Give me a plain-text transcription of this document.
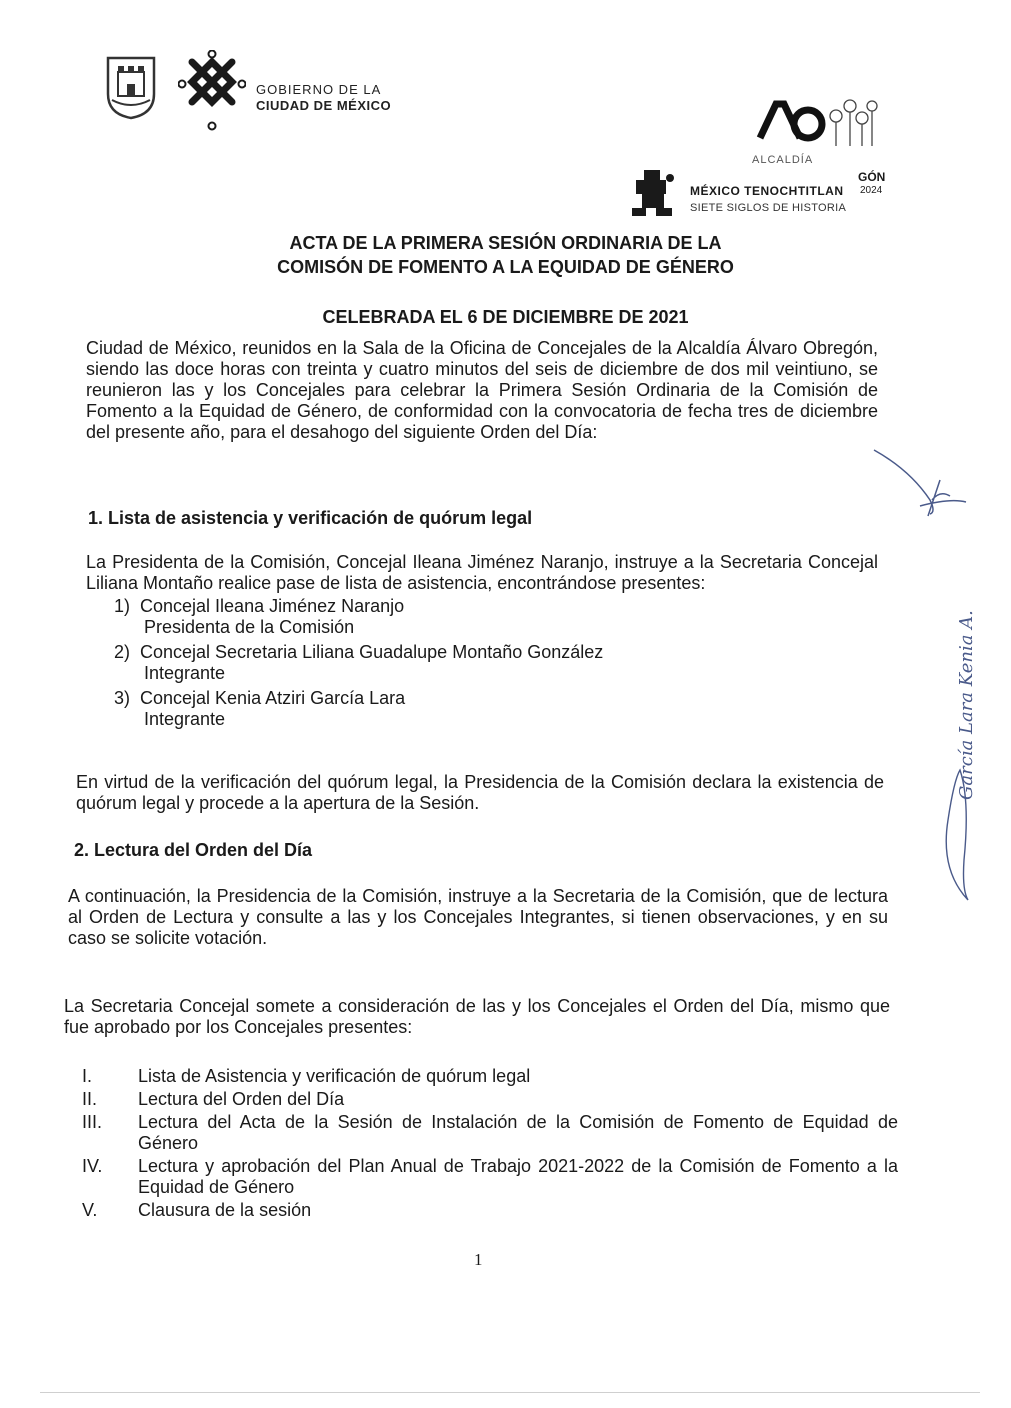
GOBIERNO DE LA
CIUDAD DE MÉXICO
ALCALDÍA
GÓN
2024
MÉXICO TENOCHTITLAN
SIETE SIGLOS DE HISTORIA
ACTA DE LA PRIMERA SESIÓN ORDINARIA DE LA
COMISÓN DE FOMENTO A LA EQUIDAD DE GÉNERO
CELEBRADA EL 6 DE DICIEMBRE DE 2021
Ciudad de México, reunidos en la Sala de la Oficina de Concejales de la Alcaldía Álvaro Obregón, siendo las doce horas con treinta y cuatro minutos del seis de diciembre de dos mil veintiuno, se reunieron las y los Concejales para celebrar la Primera Sesión Ordinaria de la Comisión de Fomento a la Equidad de Género, de conformidad con la convocatoria de fecha tres de diciembre del presente año, para el desahogo del siguiente Orden del Día:
1. Lista de asistencia y verificación de quórum legal
La Presidenta de la Comisión, Concejal Ileana Jiménez Naranjo, instruye a la Secretaria Concejal Liliana Montaño realice pase de lista de asistencia, encontrándose presentes:
1) Concejal Ileana Jiménez Naranjo
Presidenta de la Comisión
2) Concejal Secretaria Liliana Guadalupe Montaño González
Integrante
3) Concejal Kenia Atziri García Lara
Integrante
En virtud de la verificación del quórum legal, la Presidencia de la Comisión declara la existencia de quórum legal y procede a la apertura de la Sesión.
2. Lectura del Orden del Día
A continuación, la Presidencia de la Comisión, instruye a la Secretaria de la Comisión, que de lectura al Orden de Lectura y consulte a las y los Concejales Integrantes, si tienen observaciones, y en su caso se solicite votación.
La Secretaria Concejal somete a consideración de las y los Concejales el Orden del Día, mismo que fue aprobado por los Concejales presentes:
I.	Lista de Asistencia y verificación de quórum legal
II.	Lectura del Orden del Día
III.	Lectura del Acta de la Sesión de Instalación de la Comisión de Fomento de Equidad de Género
IV.	Lectura y aprobación del Plan Anual de Trabajo 2021-2022 de la Comisión de Fomento a la Equidad de Género
V.	Clausura de la sesión
1
García Lara Kenia A.
